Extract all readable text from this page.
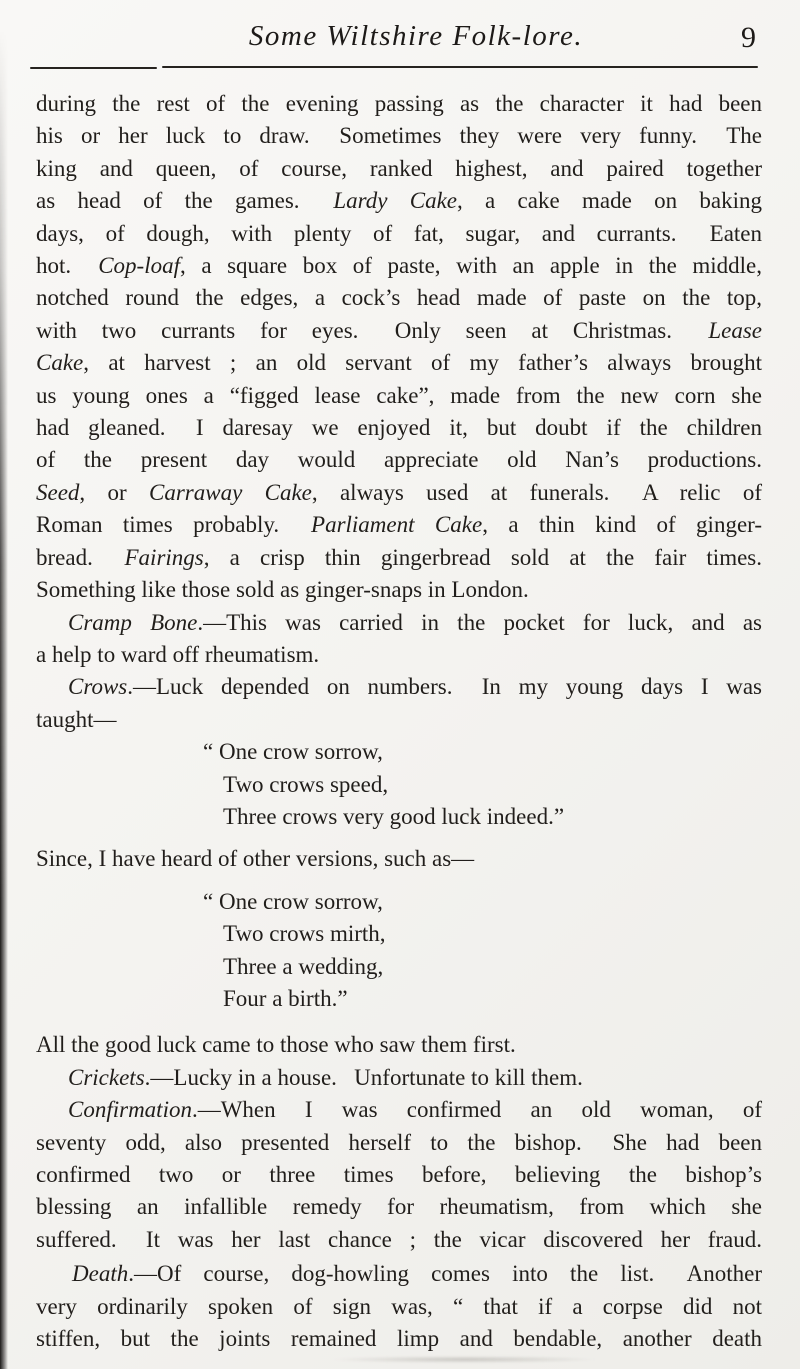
Some Wiltshire Folk-lore.	9
during the rest of the evening passing as the character it had been
his or her luck to draw.  Sometimes they were very funny.  The
king and queen, of course, ranked highest, and paired together
as head of the games.  Lardy Cake, a cake made on baking
days, of dough, with plenty of fat, sugar, and currants.  Eaten
hot.  Cop-loaf, a square box of paste, with an apple in the middle,
notched round the edges, a cock’s head made of paste on the top,
with two currants for eyes.  Only seen at Christmas.  Lease
Cake, at harvest ; an old servant of my father’s always brought
us young ones a “figged lease cake”, made from the new corn she
had gleaned.  I daresay we enjoyed it, but doubt if the children
of the present day would appreciate old Nan’s productions.
Seed, or Carraway Cake, always used at funerals.  A relic of
Roman times probably.  Parliament Cake, a thin kind of ginger-
bread.  Fairings, a crisp thin gingerbread sold at the fair times.
Something like those sold as ginger-snaps in London.
Cramp Bone.—This was carried in the pocket for luck, and as
a help to ward off rheumatism.
Crows.—Luck depended on numbers.  In my young days I was
taught—
“ One crow sorrow,
Two crows speed,
Three crows very good luck indeed.”
Since, I have heard of other versions, such as—
“ One crow sorrow,
Two crows mirth,
Three a wedding,
Four a birth.”
All the good luck came to those who saw them first.
Crickets.—Lucky in a house.  Unfortunate to kill them.
Confirmation.—When I was confirmed an old woman, of
seventy odd, also presented herself to the bishop.  She had been
confirmed two or three times before, believing the bishop’s
blessing an infallible remedy for rheumatism, from which she
suffered.  It was her last chance ; the vicar discovered her fraud.
Death.—Of course, dog-howling comes into the list.  Another
very ordinarily spoken of sign was, “ that if a corpse did not
stiffen, but the joints remained limp and bendable, another death
